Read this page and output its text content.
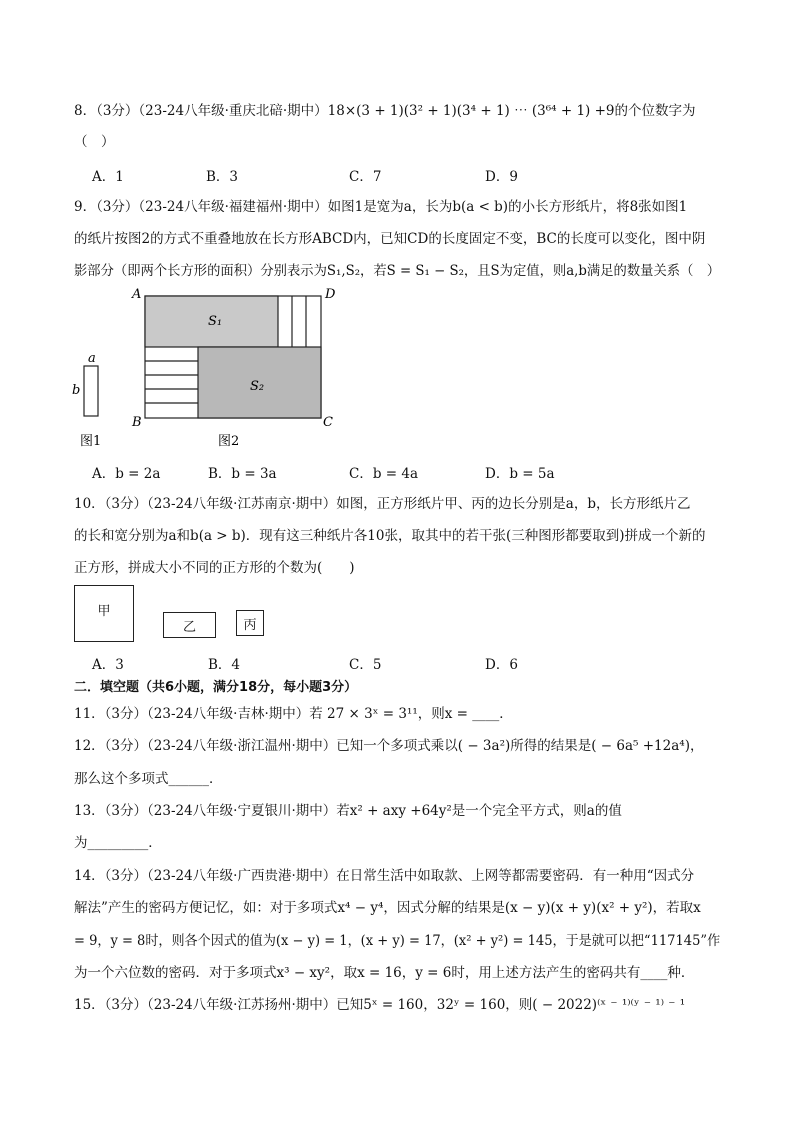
8．（3分）（23-24八年级·重庆北碚·期中）18×(3 + 1)(3² + 1)(3⁴ + 1) ⋯ (3⁶⁴ + 1) +9的个位数字为
（　）
A．1	B．3	C．7	D．9
9．（3分）（23-24八年级·福建福州·期中）如图1是宽为a，长为b(a < b)的小长方形纸片，将8张如图1
的纸片按图2的方式不重叠地放在长方形ABCD内，已知CD的长度固定不变，BC的长度可以变化，图中阴
影部分（即两个长方形的面积）分别表示为S₁,S₂，若S = S₁ − S₂，且S为定值，则a,b满足的数量关系（　）
a
b
图1
A	D
B	C
S₁
S₂
图2
A．b = 2a	B．b = 3a	C．b = 4a	D．b = 5a
10．（3分）（23-24八年级·江苏南京·期中）如图，正方形纸片甲、丙的边长分别是a，b，长方形纸片乙
的长和宽分别为a和b(a > b)．现有这三种纸片各10张，取其中的若干张(三种图形都要取到)拼成一个新的
正方形，拼成大小不同的正方形的个数为(　　)
甲
乙	丙
A．3	B．4	C．5	D．6
二．填空题（共6小题，满分18分，每小题3分）
11．（3分）（23-24八年级·吉林·期中）若 27 × 3ˣ = 3¹¹，则x = ____．
12．（3分）（23-24八年级·浙江温州·期中）已知一个多项式乘以( − 3a²)所得的结果是( − 6a⁵ +12a⁴)，
那么这个多项式______．
13．（3分）（23-24八年级·宁夏银川·期中）若x² + axy +64y²是一个完全平方式，则a的值
为_________．
14．（3分）（23-24八年级·广西贵港·期中）在日常生活中如取款、上网等都需要密码．有一种用“因式分
解法”产生的密码方便记忆，如：对于多项式x⁴ − y⁴，因式分解的结果是(x − y)(x + y)(x² + y²)，若取x
= 9，y = 8时，则各个因式的值为(x − y) = 1，(x + y) = 17，(x² + y²) = 145，于是就可以把“117145”作
为一个六位数的密码．对于多项式x³ − xy²，取x = 16，y = 6时，用上述方法产生的密码共有____种．
15．（3分）（23-24八年级·江苏扬州·期中）已知5ˣ = 160，32ʸ = 160，则( − 2022)⁽ˣ ⁻ ¹⁾⁽ʸ ⁻ ¹⁾ ⁻ ¹
